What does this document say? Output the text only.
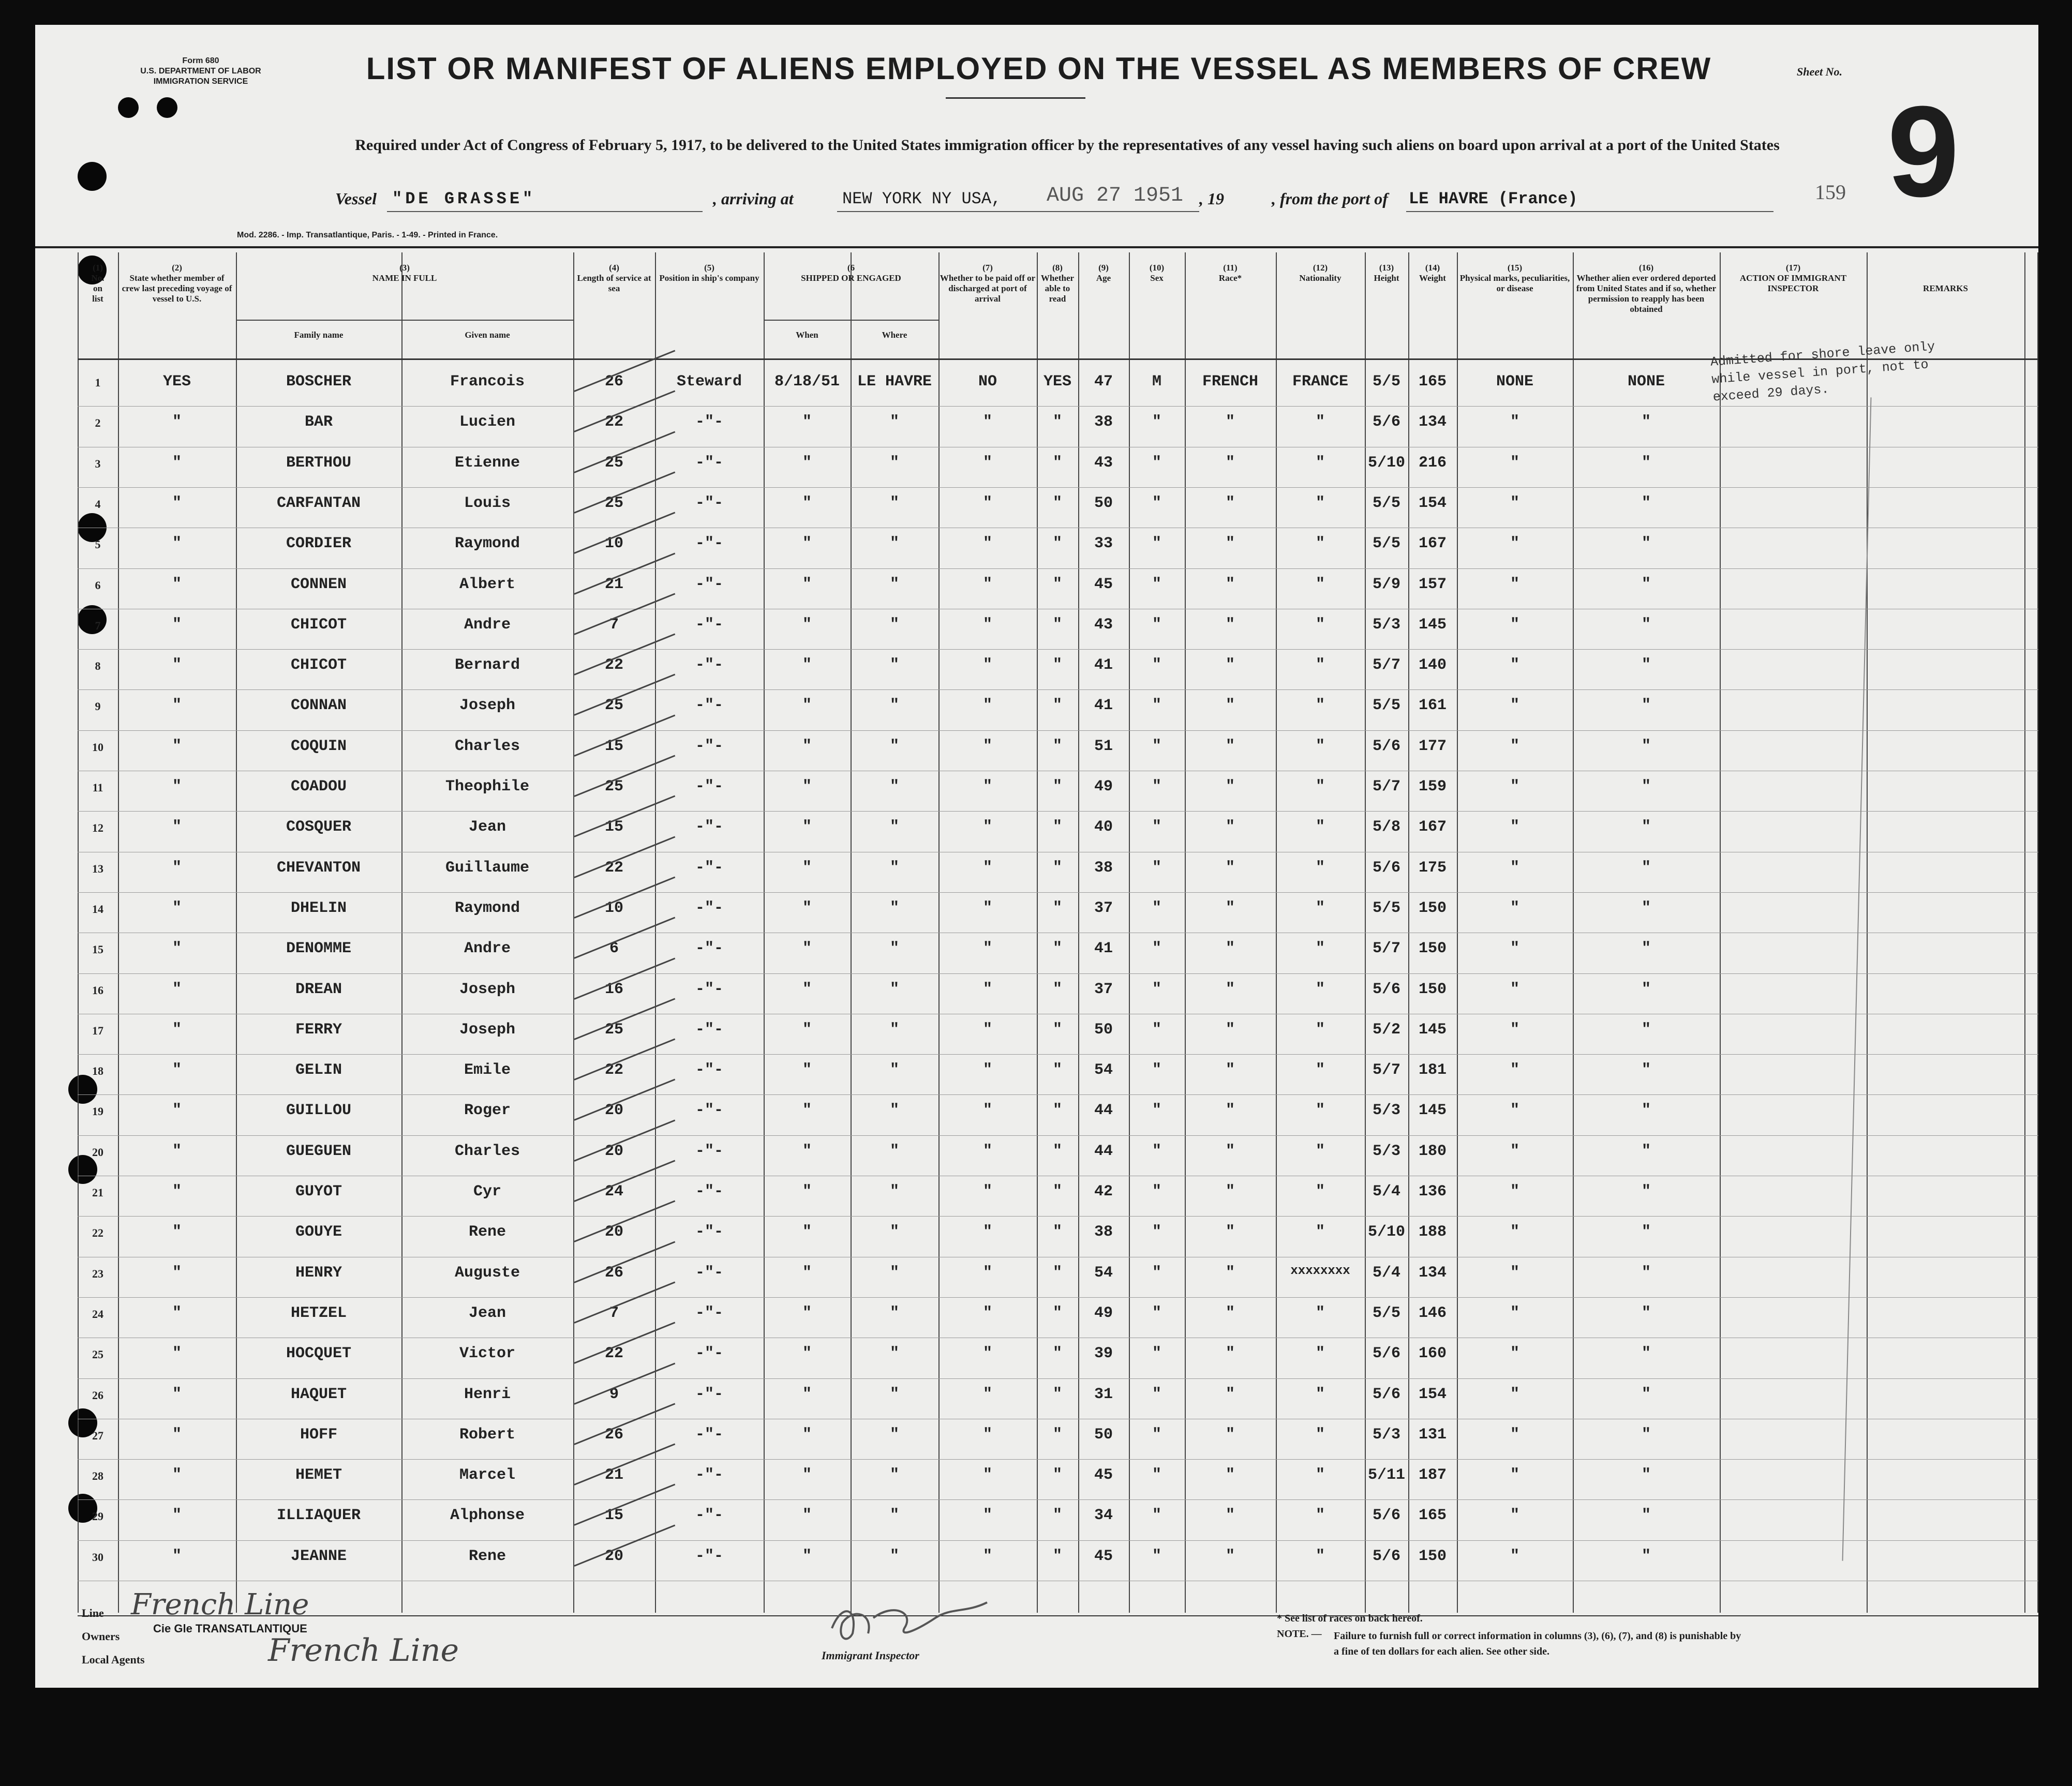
Form 680
U.S. DEPARTMENT OF LABOR
IMMIGRATION SERVICE	LIST OR MANIFEST OF ALIENS EMPLOYED ON THE VESSEL AS MEMBERS OF CREW
Required under Act of Congress of February 5, 1917, to be delivered to the United States immigration officer by the representatives of any vessel having such aliens on board upon arrival at a port of the United States
Sheet No.
9
159
Vessel "DE GRASSE"	, arriving at	NEW YORK NY USA, AUG 27 1951 , 19	, from the port of LE HAVRE (France)
Mod. 2286. - Imp. Transatlantique, Paris. - 1-49. - Printed in France.
(1)
No.
on
list
(2)
State whether member of crew last preceding voyage of vessel to U.S.
(3)
NAME IN FULL
Family name	Given name
(4)
Length of service at sea
(5)
Position in ship's company
(6
SHIPPED OR ENGAGED
When	Where
(7)
Whether to be paid off or discharged at port of arrival
(8)
Whether able to read
(9)
Age
(10)
Sex
(11)
Race*
(12)
Nationality
(13)
Height
(14)
Weight
(15)
Physical marks, peculiarities, or disease
(16)
Whether alien ever ordered deported from United States and if so, whether permission to reapply has been obtained
(17)
ACTION OF IMMIGRANT INSPECTOR	REMARKS
1	YES	BOSCHER	Francois	26	Steward	8/18/51	LE HAVRE	NO	YES	47	M	FRENCH	FRANCE	5/5	165	NONE	NONE
2	"	BAR	Lucien	22	-"-	"	"	"	"	38	"	"	"	5/6	134	"	"
3	"	BERTHOU	Etienne	25	-"-	"	"	"	"	43	"	"	"	5/10 216	"	"
4	"	CARFANTAN	Louis	25	-"-	"	"	"	"	50	"	"	"	5/5	154	"	"
5	"	CORDIER	Raymond	10	-"-	"	"	"	"	33	"	"	"	5/5	167	"	"
6	"	CONNEN	Albert	21	-"-	"	"	"	"	45	"	"	"	5/9	157	"	"
7	"	CHICOT	Andre	7	-"-	"	"	"	"	43	"	"	"	5/3	145	"	"
8	"	CHICOT	Bernard	22	-"-	"	"	"	"	41	"	"	"	5/7	140	"	"
9	"	CONNAN	Joseph	25	-"-	"	"	"	"	41	"	"	"	5/5	161	"	"
10	"	COQUIN	Charles	15	-"-	"	"	"	"	51	"	"	"	5/6	177	"	"
11	"	COADOU	Theophile	25	-"-	"	"	"	"	49	"	"	"	5/7	159	"	"
12	"	COSQUER	Jean	15	-"-	"	"	"	"	40	"	"	"	5/8	167	"	"
13	"	CHEVANTON	Guillaume	22	-"-	"	"	"	"	38	"	"	"	5/6	175	"	"
14	"	DHELIN	Raymond	10	-"-	"	"	"	"	37	"	"	"	5/5	150	"	"
15	"	DENOMME	Andre	6	-"-	"	"	"	"	41	"	"	"	5/7	150	"	"
16	"	DREAN	Joseph	16	-"-	"	"	"	"	37	"	"	"	5/6	150	"	"
17	"	FERRY	Joseph	25	-"-	"	"	"	"	50	"	"	"	5/2	145	"	"
18	"	GELIN	Emile	22	-"-	"	"	"	"	54	"	"	"	5/7	181	"	"
19	"	GUILLOU	Roger	20	-"-	"	"	"	"	44	"	"	"	5/3	145	"	"
20	"	GUEGUEN	Charles	20	-"-	"	"	"	"	44	"	"	"	5/3	180	"	"
21	"	GUYOT	Cyr	24	-"-	"	"	"	"	42	"	"	"	5/4	136	"	"
22	"	GOUYE	Rene	20	-"-	"	"	"	"	38	"	"	"	5/10 188	"	"
23	"	HENRY	Auguste	26	-"-	"	"	"	"	54	"	"	xxxxxxxx	5/4	134	"	"
24	"	HETZEL	Jean	7	-"-	"	"	"	"	49	"	"	"	5/5	146	"	"
25	"	HOCQUET	Victor	22	-"-	"	"	"	"	39	"	"	"	5/6	160	"	"
26	"	HAQUET	Henri	9	-"-	"	"	"	"	31	"	"	"	5/6	154	"	"
27	"	HOFF	Robert	26	-"-	"	"	"	"	50	"	"	"	5/3	131	"	"
28	"	HEMET	Marcel	21	-"-	"	"	"	"	45	"	"	"	5/11 187	"	"
29	"	ILLIAQUER	Alphonse	15	-"-	"	"	"	"	34	"	"	"	5/6	165	"	"
30	"	JEANNE	Rene	20	-"-	"	"	"	"	45	"	"	"	5/6	150	"	"
Admitted for shore leave only while vessel in port, not to exceed 29 days.
Line French Line
Owners
Cie Gle TRANSATLANTIQUE
Local Agents	French Line	Immigrant Inspector
* See list of races on back hereof.
NOTE. — Failure to furnish full or correct information in columns (3), (6), (7), and (8) is punishable by a fine of ten dollars for each alien. See other side.
